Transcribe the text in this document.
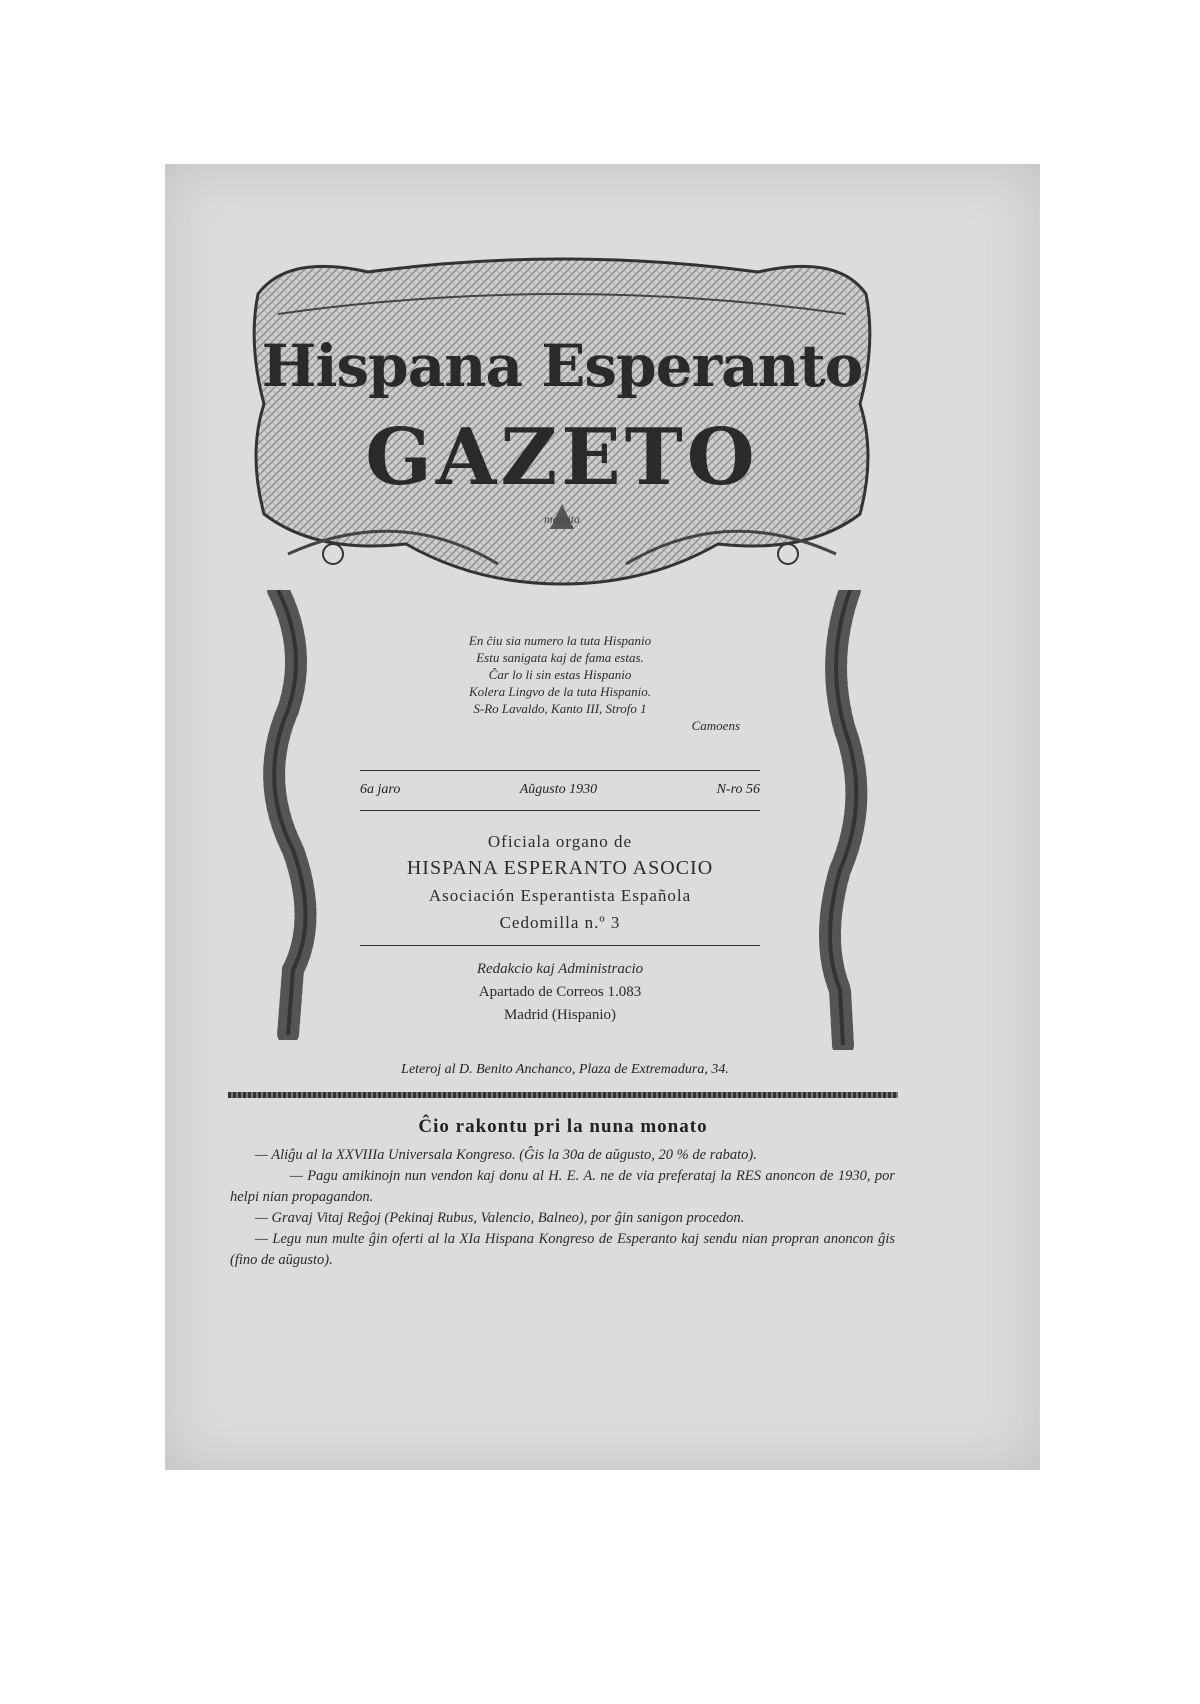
Hispana Esperanto
GAZETO
monata
En ĉiu sia numero la tuta Hispanio
Estu sanigata kaj de fama estas.
Ĉar lo li sin estas Hispanio
Kolera Lingvo de la tuta Hispanio.
S-Ro Lavaldo, Kanto III, Strofo 1
Camoens
6a jaro	Aŭgusto 1930	N-ro 56
Oficiala organo de
HISPANA ESPERANTO ASOCIO
Asociación Esperantista Española
Cedomilla n.º 3
Redakcio kaj Administracio
Apartado de Correos 1.083
Madrid (Hispanio)
Leteroj al D. Benito Anchanco, Plaza de Extremadura, 34.
Ĉio rakontu pri la nuna monato

— Aliĝu al la XXVIIIa Universala Kongreso. (Ĝis la 30a de aŭgusto, 20 % de rabato).

— Pagu amikinojn nun vendon kaj donu al H. E. A. ne de via preferataj la RES anoncon de 1930, por helpi nian propagandon.

— Gravaj Vitaj Reĝoj (Pekinaj Rubus, Valencio, Balneo), por ĝin sanigon procedon.

— Legu nun multe ĝin oferti al la XIa Hispana Kongreso de Esperanto kaj sendu nian propran anoncon ĝis (fino de aŭgusto).
